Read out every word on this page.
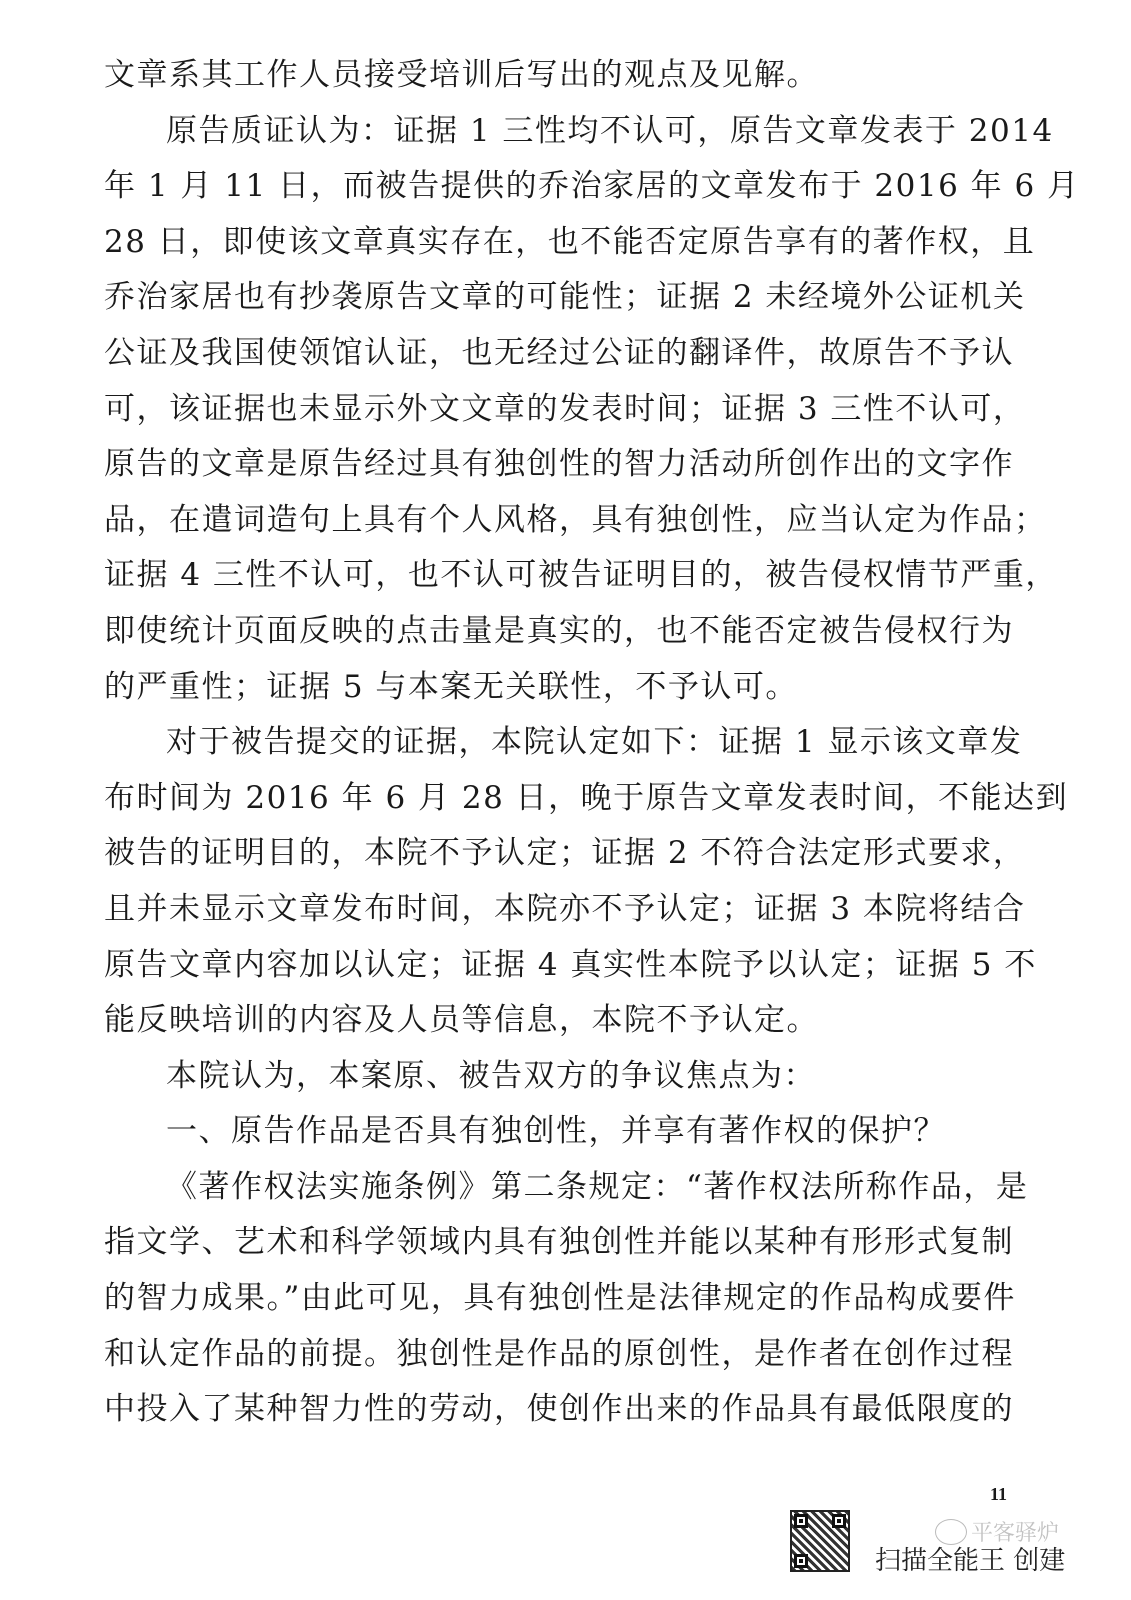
文章系其工作人员接受培训后写出的观点及见解。
原告质证认为：证据 1 三性均不认可，原告文章发表于 2014
年 1 月 11 日，而被告提供的乔治家居的文章发布于 2016 年 6 月
28 日，即使该文章真实存在，也不能否定原告享有的著作权，且
乔治家居也有抄袭原告文章的可能性；证据 2 未经境外公证机关
公证及我国使领馆认证，也无经过公证的翻译件，故原告不予认
可，该证据也未显示外文文章的发表时间；证据 3 三性不认可，
原告的文章是原告经过具有独创性的智力活动所创作出的文字作
品，在遣词造句上具有个人风格，具有独创性，应当认定为作品；
证据 4 三性不认可，也不认可被告证明目的，被告侵权情节严重，
即使统计页面反映的点击量是真实的，也不能否定被告侵权行为
的严重性；证据 5 与本案无关联性，不予认可。
对于被告提交的证据，本院认定如下：证据 1 显示该文章发
布时间为 2016 年 6 月 28 日，晚于原告文章发表时间，不能达到
被告的证明目的，本院不予认定；证据 2 不符合法定形式要求，
且并未显示文章发布时间，本院亦不予认定；证据 3 本院将结合
原告文章内容加以认定；证据 4 真实性本院予以认定；证据 5 不
能反映培训的内容及人员等信息，本院不予认定。
本院认为，本案原、被告双方的争议焦点为：
一、原告作品是否具有独创性，并享有著作权的保护？
《著作权法实施条例》第二条规定：“著作权法所称作品，是
指文学、艺术和科学领域内具有独创性并能以某种有形形式复制
的智力成果。”由此可见，具有独创性是法律规定的作品构成要件
和认定作品的前提。独创性是作品的原创性，是作者在创作过程
中投入了某种智力性的劳动，使创作出来的作品具有最低限度的
11
扫描全能王 创建
平客驿炉
